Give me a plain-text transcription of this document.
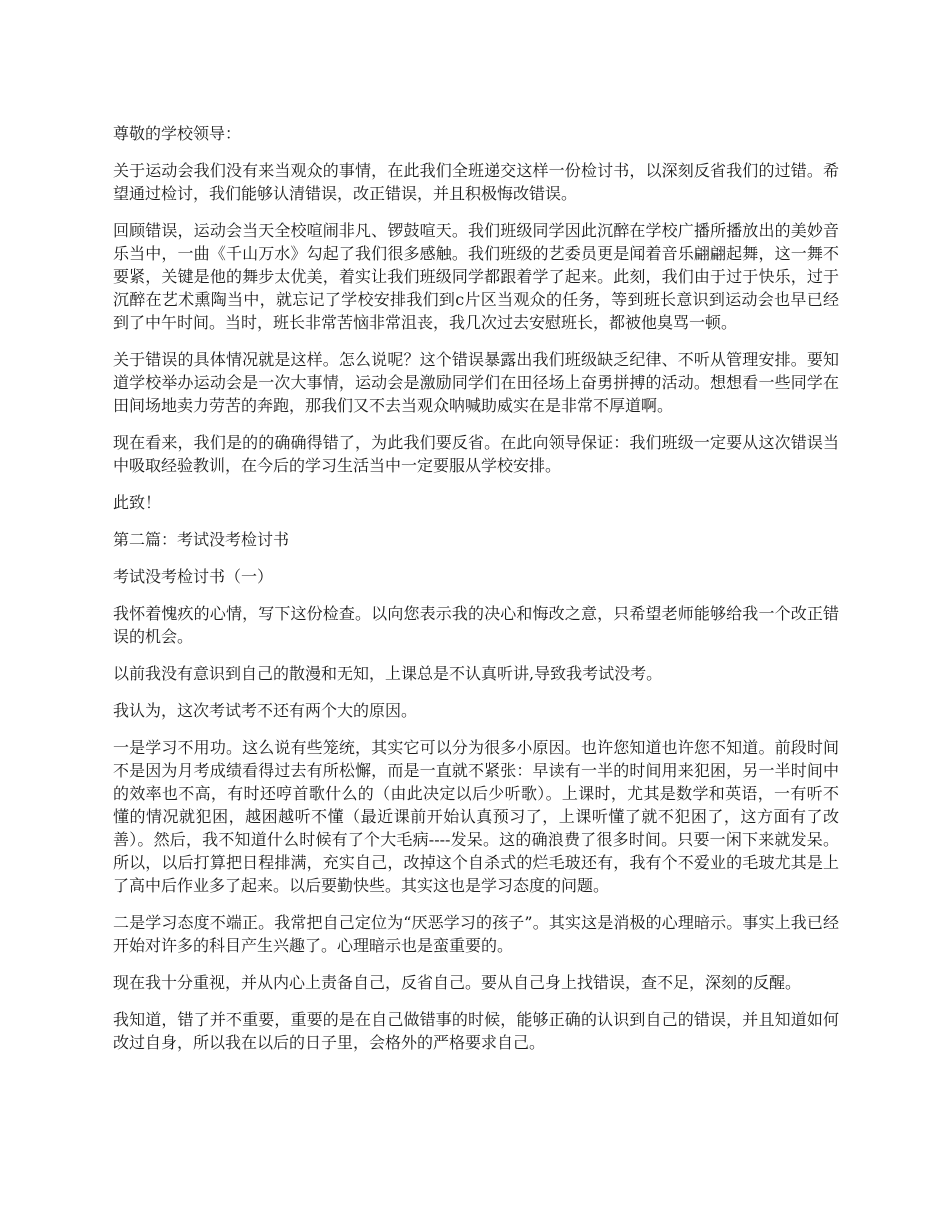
尊敬的学校领导：

关于运动会我们没有来当观众的事情，在此我们全班递交这样一份检讨书，以深刻反省我们的过错。希望通过检讨，我们能够认清错误，改正错误，并且积极悔改错误。

回顾错误，运动会当天全校喧闹非凡、锣鼓喧天。我们班级同学因此沉醉在学校广播所播放出的美妙音乐当中，一曲《千山万水》勾起了我们很多感触。我们班级的艺委员更是闻着音乐翩翩起舞，这一舞不要紧，关键是他的舞步太优美，着实让我们班级同学都跟着学了起来。此刻，我们由于过于快乐，过于沉醉在艺术熏陶当中，就忘记了学校安排我们到c片区当观众的任务，等到班长意识到运动会也早已经到了中午时间。当时，班长非常苦恼非常沮丧，我几次过去安慰班长，都被他臭骂一顿。

关于错误的具体情况就是这样。怎么说呢？这个错误暴露出我们班级缺乏纪律、不听从管理安排。要知道学校举办运动会是一次大事情，运动会是激励同学们在田径场上奋勇拼搏的活动。想想看一些同学在田间场地卖力劳苦的奔跑，那我们又不去当观众呐喊助威实在是非常不厚道啊。

现在看来，我们是的的确确得错了，为此我们要反省。在此向领导保证：我们班级一定要从这次错误当中吸取经验教训，在今后的学习生活当中一定要服从学校安排。

此致！

第二篇：考试没考检讨书

考试没考检讨书（一）

我怀着愧疚的心情，写下这份检查。以向您表示我的决心和悔改之意，只希望老师能够给我一个改正错误的机会。

以前我没有意识到自己的散漫和无知，上课总是不认真听讲,导致我考试没考。

我认为，这次考试考不还有两个大的原因。

一是学习不用功。这么说有些笼统，其实它可以分为很多小原因。也许您知道也许您不知道。前段时间不是因为月考成绩看得过去有所松懈，而是一直就不紧张：早读有一半的时间用来犯困，另一半时间中的效率也不高，有时还哼首歌什么的（由此决定以后少听歌）。上课时，尤其是数学和英语，一有听不懂的情况就犯困，越困越听不懂（最近课前开始认真预习了，上课听懂了就不犯困了，这方面有了改善）。然后，我不知道什么时候有了个大毛病----发呆。这的确浪费了很多时间。只要一闲下来就发呆。所以，以后打算把日程排满，充实自己，改掉这个自杀式的烂毛玻还有，我有个不爱业的毛玻尤其是上了高中后作业多了起来。以后要勤快些。其实这也是学习态度的问题。

二是学习态度不端正。我常把自己定位为“厌恶学习的孩子”。其实这是消极的心理暗示。事实上我已经开始对许多的科目产生兴趣了。心理暗示也是蛮重要的。

现在我十分重视，并从内心上责备自己，反省自己。要从自己身上找错误，查不足，深刻的反醒。

我知道，错了并不重要，重要的是在自己做错事的时候，能够正确的认识到自己的错误，并且知道如何改过自身，所以我在以后的日子里，会格外的严格要求自己。
